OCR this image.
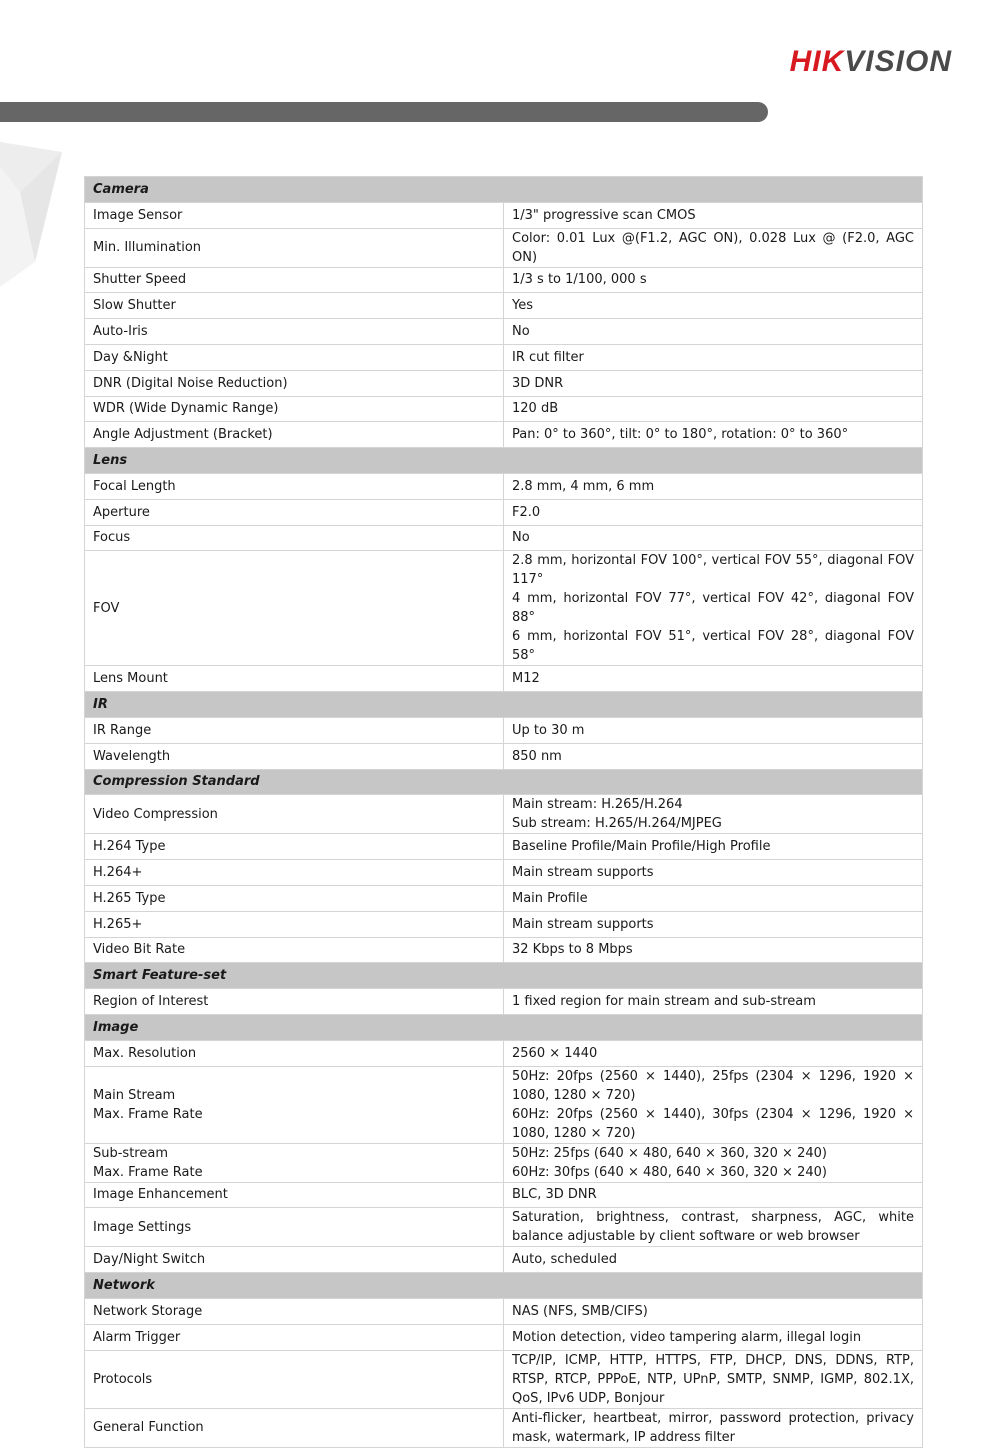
HIKVISION
Camera	

Image Sensor	1/3" progressive scan CMOS

Min. Illumination	Color: 0.01 Lux @(F1.2, AGC ON), 0.028 Lux @ (F2.0, AGC ON)

Shutter Speed	1/3 s to 1/100, 000 s

Slow Shutter	Yes

Auto-Iris	No

Day &Night	IR cut filter

DNR (Digital Noise Reduction)	3D DNR

WDR (Wide Dynamic Range)	120 dB

Angle Adjustment (Bracket)	Pan: 0° to 360°, tilt: 0° to 180°, rotation: 0° to 360°

Lens	

Focal Length	2.8 mm, 4 mm, 6 mm

Aperture	F2.0

Focus	No

FOV	2.8 mm, horizontal FOV 100°, vertical FOV 55°, diagonal FOV 117°
4 mm, horizontal FOV 77°, vertical FOV 42°, diagonal FOV 88°
6 mm, horizontal FOV 51°, vertical FOV 28°, diagonal FOV 58°

Lens Mount	M12

IR	

IR Range	Up to 30 m

Wavelength	850 nm

Compression Standard	

Video Compression	Main stream: H.265/H.264
Sub stream: H.265/H.264/MJPEG

H.264 Type	Baseline Profile/Main Profile/High Profile

H.264+	Main stream supports

H.265 Type	Main Profile

H.265+	Main stream supports

Video Bit Rate	32 Kbps to 8 Mbps

Smart Feature-set	

Region of Interest	1 fixed region for main stream and sub-stream

Image	

Max. Resolution	2560 × 1440

Main Stream
Max. Frame Rate	50Hz: 20fps (2560 × 1440), 25fps (2304 × 1296, 1920 × 1080, 1280 × 720)
60Hz: 20fps (2560 × 1440), 30fps (2304 × 1296, 1920 × 1080, 1280 × 720)

Sub-stream
Max. Frame Rate	50Hz: 25fps (640 × 480, 640 × 360, 320 × 240)
60Hz: 30fps (640 × 480, 640 × 360, 320 × 240)

Image Enhancement	BLC, 3D DNR

Image Settings	Saturation, brightness, contrast, sharpness, AGC, white balance adjustable by client software or web browser

Day/Night Switch	Auto, scheduled

Network	

Network Storage	NAS (NFS, SMB/CIFS)

Alarm Trigger	Motion detection, video tampering alarm, illegal login

Protocols	TCP/IP, ICMP, HTTP, HTTPS, FTP, DHCP, DNS, DDNS, RTP, RTSP, RTCP, PPPoE, NTP, UPnP, SMTP, SNMP, IGMP, 802.1X, QoS, IPv6 UDP, Bonjour

General Function	Anti-flicker, heartbeat, mirror, password protection, privacy mask, watermark, IP address filter
